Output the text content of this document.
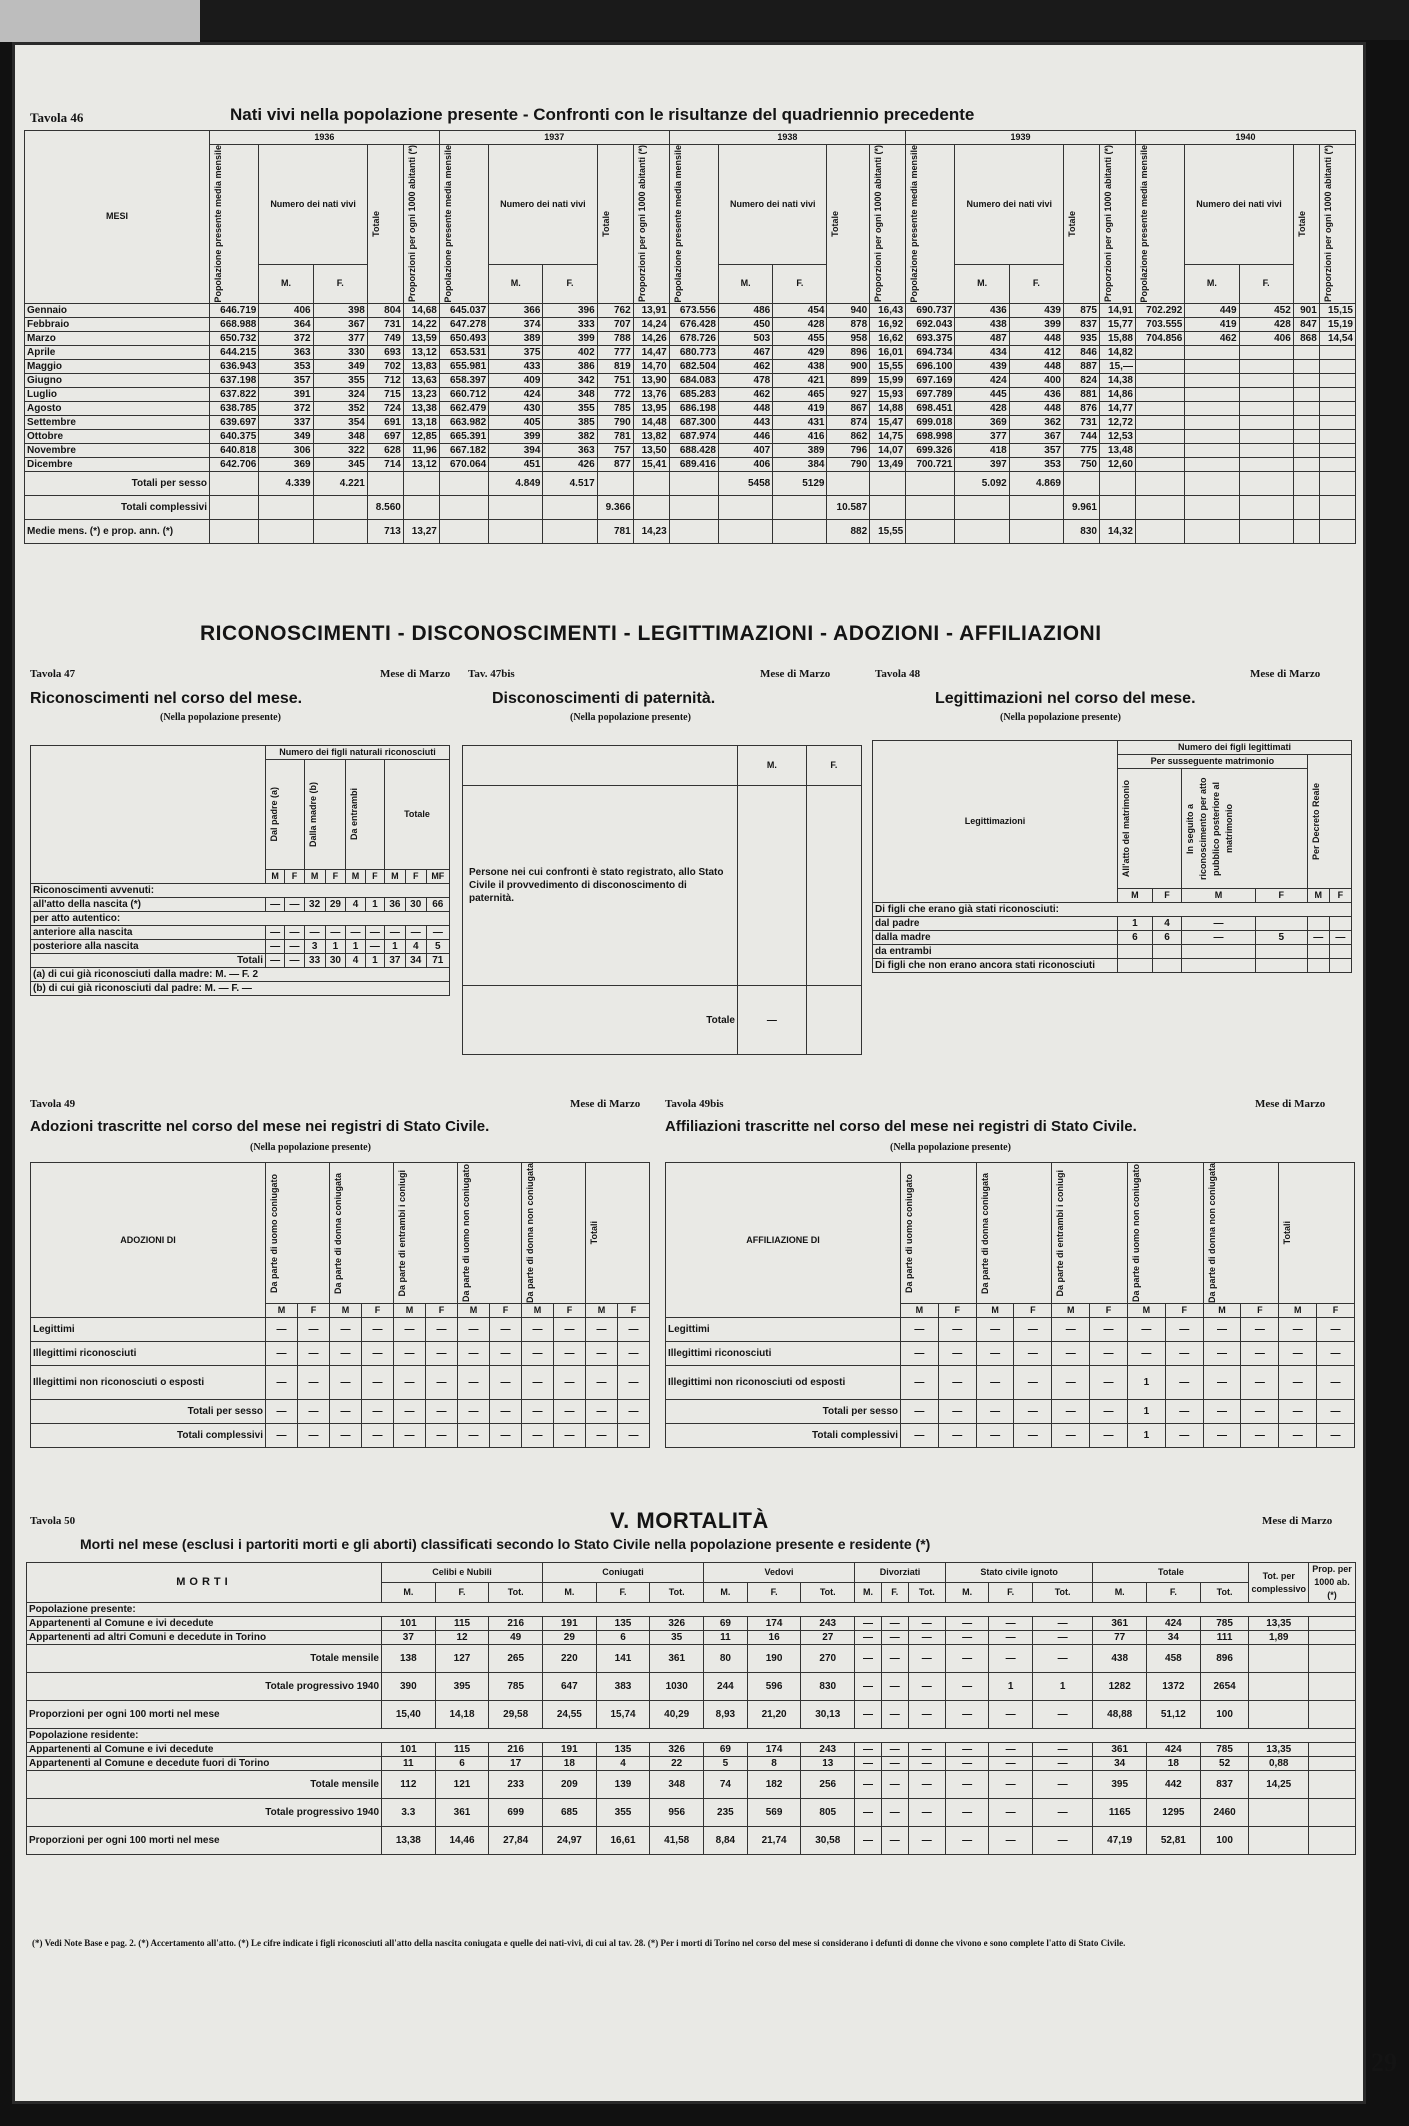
Tavola 46	Nati vivi nella popolazione presente - Confronti con le risultanze del quadriennio precedente
MESI	1936					1937					1938					1939					1940				

	Popolazione presente media mensile	Numero dei nati vivi		Totale	Proporzioni per ogni 1000 abitanti (*)	Popolazione presente media mensile	Numero dei nati vivi		Totale	Proporzioni per ogni 1000 abitanti (*)	Popolazione presente media mensile	Numero dei nati vivi		Totale	Proporzioni per ogni 1000 abitanti (*)	Popolazione presente media mensile	Numero dei nati vivi		Totale	Proporzioni per ogni 1000 abitanti (*)	Popolazione presente media mensile	Numero dei nati vivi		Totale	Proporzioni per ogni 1000 abitanti (*)

		M.	F.				M.	F.				M.	F.				M.	F.				M.	F.		
Gennaio	646.719	406	398	804	14,68	645.037	366	396	762	13,91	673.556	486	454	940	16,43	690.737	436	439	875	14,91	702.292	449	452	901	15,15
Febbraio	668.988	364	367	731	14,22	647.278	374	333	707	14,24	676.428	450	428	878	16,92	692.043	438	399	837	15,77	703.555	419	428	847	15,19
Marzo	650.732	372	377	749	13,59	650.493	389	399	788	14,26	678.726	503	455	958	16,62	693.375	487	448	935	15,88	704.856	462	406	868	14,54
Aprile	644.215	363	330	693	13,12	653.531	375	402	777	14,47	680.773	467	429	896	16,01	694.734	434	412	846	14,82					
Maggio	636.943	353	349	702	13,83	655.981	433	386	819	14,70	682.504	462	438	900	15,55	696.100	439	448	887	15,—					
Giugno	637.198	357	355	712	13,63	658.397	409	342	751	13,90	684.083	478	421	899	15,99	697.169	424	400	824	14,38					
Luglio	637.822	391	324	715	13,23	660.712	424	348	772	13,76	685.283	462	465	927	15,93	697.789	445	436	881	14,86					
Agosto	638.785	372	352	724	13,38	662.479	430	355	785	13,95	686.198	448	419	867	14,88	698.451	428	448	876	14,77					
Settembre	639.697	337	354	691	13,18	663.982	405	385	790	14,48	687.300	443	431	874	15,47	699.018	369	362	731	12,72					
Ottobre	640.375	349	348	697	12,85	665.391	399	382	781	13,82	687.974	446	416	862	14,75	698.998	377	367	744	12,53					
Novembre	640.818	306	322	628	11,96	667.182	394	363	757	13,50	688.428	407	389	796	14,07	699.326	418	357	775	13,48					
Dicembre	642.706	369	345	714	13,12	670.064	451	426	877	15,41	689.416	406	384	790	13,49	700.721	397	353	750	12,60					
Totali per sesso		4.339	4.221				4.849	4.517				5458	5129				5.092	4.869							
Totali complessivi				8.560					9.366					10.587					9.961						
Medie mens. (*) e prop. ann. (*)				713	13,27				781	14,23				882	15,55				830	14,32					
RICONOSCIMENTI - DISCONOSCIMENTI - LEGITTIMAZIONI - ADOZIONI - AFFILIAZIONI
Tavola 47	Mese di Marzo
Riconoscimenti nel corso del mese.
(Nella popolazione presente)
	Numero dei figli naturali riconosciuti								

	Dal padre (a)		Dalla madre (b)		Da entrambi		Totale		
	M	F	M	F	M	F	M	F	MF
Riconoscimenti avvenuti:									
all'atto della nascita (*)	—	—	32	29	4	1	36	30	66
per atto autentico:									
anteriore alla nascita	—	—	—	—	—	—	—	—	—
posteriore alla nascita	—	—	3	1	1	—	1	4	5
Totali	—	—	33	30	4	1	37	34	71
(a) di cui già riconosciuti dalla madre: M. — F. 2									
(b) di cui già riconosciuti dal padre: M. — F. —									
Tav. 47bis	Mese di Marzo
Disconoscimenti di paternità.
(Nella popolazione presente)
	M.	F.
Persone nei cui confronti è stato registrato, allo Stato Civile il provvedimento di disconoscimento di paternità.		
Totale	—	
Tavola 48	Mese di Marzo
Legittimazioni nel corso del mese.
(Nella popolazione presente)
Legittimazioni	Numero dei figli legittimati					
	Per susseguente matrimonio				Per Decreto Reale	

	All'atto del matrimonio		In seguito a riconoscimento per atto pubblico posteriore al matrimonio			

	M	F	M	F	M	F
Di figli che erano già stati riconosciuti:						
dal padre	1	4	—			
dalla madre	6	6	—	5	—	—
da entrambi						
Di figli che non erano ancora stati riconosciuti						
Tavola 49	Mese di Marzo
Adozioni trascritte nel corso del mese nei registri di Stato Civile.
(Nella popolazione presente)
ADOZIONI DI	Da parte di uomo coniugato		Da parte di donna coniugata		Da parte di entrambi i coniugi		Da parte di uomo non coniugato		Da parte di donna non coniugata		Totali	

	M	F	M	F	M	F	M	F	M	F	M	F
Legittimi	—	—	—	—	—	—	—	—	—	—	—	—
Illegittimi riconosciuti	—	—	—	—	—	—	—	—	—	—	—	—
Illegittimi non riconosciuti o esposti	—	—	—	—	—	—	—	—	—	—	—	—
Totali per sesso	—	—	—	—	—	—	—	—	—	—	—	—
Totali complessivi	—	—	—	—	—	—	—	—	—	—	—	—
Tavola 49bis	Mese di Marzo
Affiliazioni trascritte nel corso del mese nei registri di Stato Civile.
(Nella popolazione presente)
AFFILIAZIONE DI	Da parte di uomo coniugato		Da parte di donna coniugata		Da parte di entrambi i coniugi		Da parte di uomo non coniugato		Da parte di donna non coniugata		Totali	

	M	F	M	F	M	F	M	F	M	F	M	F
Legittimi	—	—	—	—	—	—	—	—	—	—	—	—
Illegittimi riconosciuti	—	—	—	—	—	—	—	—	—	—	—	—
Illegittimi non riconosciuti od esposti	—	—	—	—	—	—	1	—	—	—	—	—
Totali per sesso	—	—	—	—	—	—	1	—	—	—	—	—
Totali complessivi	—	—	—	—	—	—	1	—	—	—	—	—
Tavola 50	V. MORTALITÀ	Mese di Marzo
Morti nel mese (esclusi i partoriti morti e gli aborti) classificati secondo lo Stato Civile nella popolazione presente e residente (*)
MORTI	Celibi e Nubili			Coniugati			Vedovi			Divorziati			Stato civile ignoto			Totale			Tot. per complessivo	Prop. per 1000 ab. (*)
	M.	F.	Tot.	M.	F.	Tot.	M.	F.	Tot.	M.	F.	Tot.	M.	F.	Tot.	M.	F.	Tot.		
Popolazione presente:																				
Appartenenti al Comune e ivi decedute	101	115	216	191	135	326	69	174	243	—	—	—	—	—	—	361	424	785	13,35	
Appartenenti ad altri Comuni e decedute in Torino	37	12	49	29	6	35	11	16	27	—	—	—	—	—	—	77	34	111	1,89	
Totale mensile	138	127	265	220	141	361	80	190	270	—	—	—	—	—	—	438	458	896		
Totale progressivo 1940	390	395	785	647	383	1030	244	596	830	—	—	—	—	1	1	1282	1372	2654		
Proporzioni per ogni 100 morti nel mese	15,40	14,18	29,58	24,55	15,74	40,29	8,93	21,20	30,13	—	—	—	—	—	—	48,88	51,12	100		
Popolazione residente:																				
Appartenenti al Comune e ivi decedute	101	115	216	191	135	326	69	174	243	—	—	—	—	—	—	361	424	785	13,35	
Appartenenti al Comune e decedute fuori di Torino	11	6	17	18	4	22	5	8	13	—	—	—	—	—	—	34	18	52	0,88	
Totale mensile	112	121	233	209	139	348	74	182	256	—	—	—	—	—	—	395	442	837	14,25	
Totale progressivo 1940	3.3	361	699	685	355	956	235	569	805	—	—	—	—	—	—	1165	1295	2460		
Proporzioni per ogni 100 morti nel mese	13,38	14,46	27,84	24,97	16,61	41,58	8,84	21,74	30,58	—	—	—	—	—	—	47,19	52,81	100		
(*) Vedi Note Base e pag. 2. (*) Accertamento all'atto. (*) Le cifre indicate i figli riconosciuti all'atto della nascita coniugata e quelle dei nati-vivi, di cui al tav. 28. (*) Per i morti di Torino nel corso del mese si considerano i defunti di donne che vivono e sono complete l'atto di Stato Civile.
29
